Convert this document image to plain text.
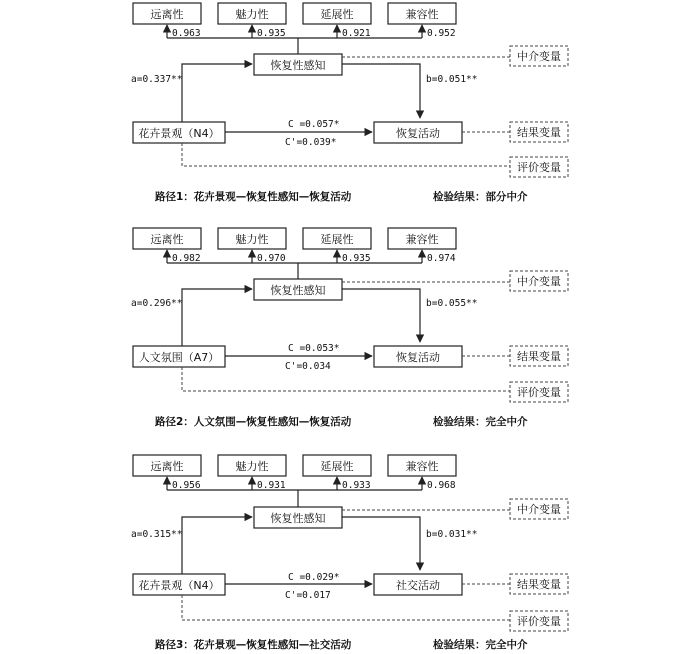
远离性	魅力性	延展性	兼容性
0.963	0.935	0.921	0.952
恢复性感知
中介变量
a=0.337**	b=0.051**
花卉景观（N4）
C =0.057*
C'=0.039*
恢复活动	结果变量
评价变量
路径1：花卉景观—恢复性感知—恢复活动	检验结果：部分中介
远离性	魅力性	延展性	兼容性
0.982	0.970	0.935	0.974
恢复性感知
中介变量
a=0.296**	b=0.055**
人文氛围（A7）
C =0.053*
C'=0.034
恢复活动	结果变量
评价变量
路径2：人文氛围—恢复性感知—恢复活动	检验结果：完全中介
远离性	魅力性	延展性	兼容性
0.956	0.931	0.933	0.968
恢复性感知
中介变量
a=0.315**	b=0.031**
花卉景观（N4）
C =0.029*
C'=0.017
社交活动	结果变量
评价变量
路径3：花卉景观—恢复性感知—社交活动	检验结果：完全中介
